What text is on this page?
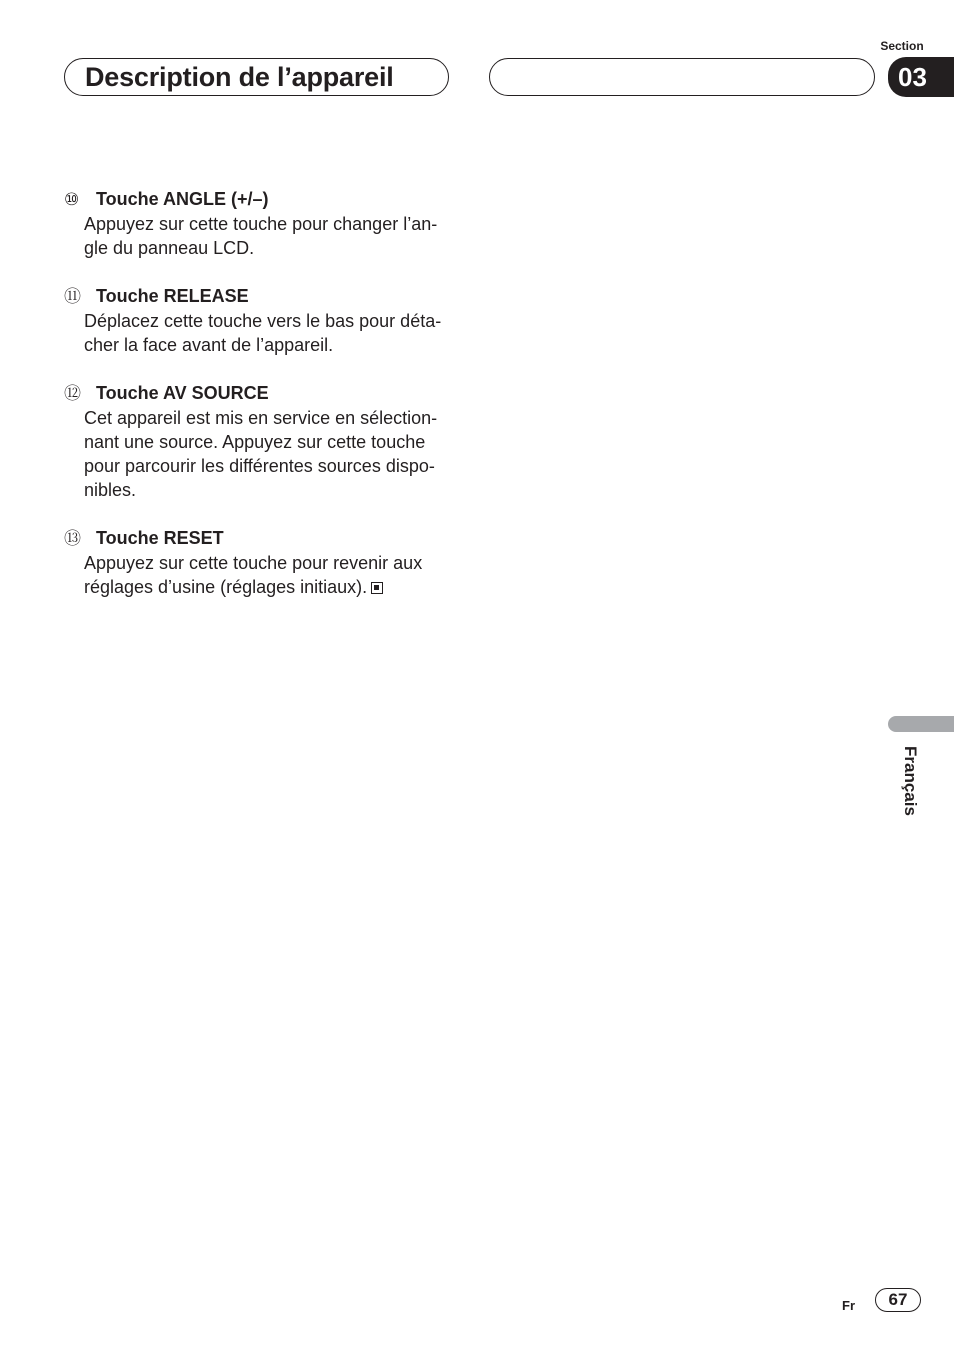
Description de l’appareil
Section
03
⑩ Touche ANGLE (+/–)
Appuyez sur cette touche pour changer l’an-
gle du panneau LCD.
⑪ Touche RELEASE
Déplacez cette touche vers le bas pour déta-
cher la face avant de l’appareil.
⑫ Touche AV SOURCE
Cet appareil est mis en service en sélection-
nant une source. Appuyez sur cette touche
pour parcourir les différentes sources dispo-
nibles.
⑬ Touche RESET
Appuyez sur cette touche pour revenir aux
réglages d’usine (réglages initiaux).
Français
Fr	67
